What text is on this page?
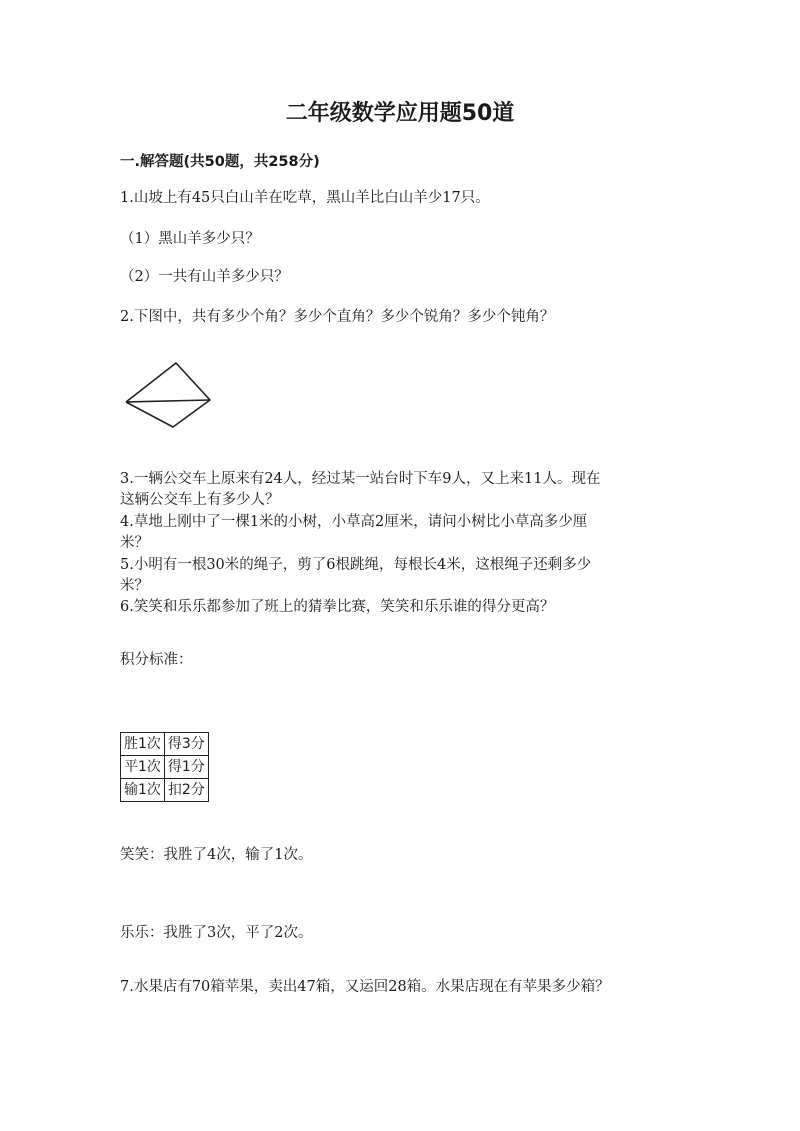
二年级数学应用题50道
一.解答题(共50题，共258分)
1.山坡上有45只白山羊在吃草，黑山羊比白山羊少17只。
（1）黑山羊多少只？
（2）一共有山羊多少只？
2.下图中，共有多少个角？多少个直角？多少个锐角？多少个钝角？
3.一辆公交车上原来有24人，经过某一站台时下车9人，又上来11人。现在
这辆公交车上有多少人？
4.草地上刚中了一棵1米的小树，小草高2厘米，请问小树比小草高多少厘
米？
5.小明有一根30米的绳子，剪了6根跳绳，每根长4米，这根绳子还剩多少
米？
6.笑笑和乐乐都参加了班上的猜拳比赛，笑笑和乐乐谁的得分更高？
积分标准：
胜1次	得3分
平1次	得1分
输1次	扣2分
笑笑：我胜了4次，输了1次。
乐乐：我胜了3次，平了2次。
7.水果店有70箱苹果，卖出47箱，又运回28箱。水果店现在有苹果多少箱？
